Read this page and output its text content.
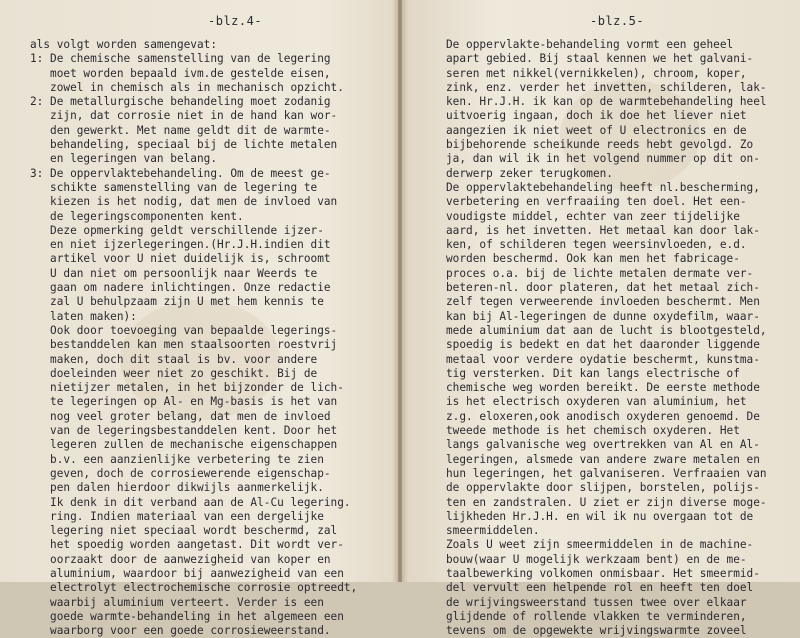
-blz.4-
als volgt worden samengevat:
1: De chemische samenstelling van de legering
moet worden bepaald ivm.de gestelde eisen,
zowel in chemisch als in mechanisch opzicht.
2: De metallurgische behandeling moet zodanig
zijn, dat corrosie niet in de hand kan wor-
den gewerkt. Met name geldt dit de warmte-
behandeling, speciaal bij de lichte metalen
en legeringen van belang.
3: De oppervlaktebehandeling. Om de meest ge-
schikte samenstelling van de legering te
kiezen is het nodig, dat men de invloed van
de legeringscomponenten kent.
Deze opmerking geldt verschillende ijzer-
en niet ijzerlegeringen.(Hr.J.H.indien dit
artikel voor U niet duidelijk is, schroomt
U dan niet om persoonlijk naar Weerds te
gaan om nadere inlichtingen. Onze redactie
zal U behulpzaam zijn U met hem kennis te
laten maken):
Ook door toevoeging van bepaalde legerings-
bestanddelen kan men staalsoorten roestvrij
maken, doch dit staal is bv. voor andere
doeleinden weer niet zo geschikt. Bij de
nietijzer metalen, in het bijzonder de lich-
te legeringen op Al- en Mg-basis is het van
nog veel groter belang, dat men de invloed
van de legeringsbestanddelen kent. Door het
legeren zullen de mechanische eigenschappen
b.v. een aanzienlijke verbetering te zien
geven, doch de corrosiewerende eigenschap-
pen dalen hierdoor dikwijls aanmerkelijk.
Ik denk in dit verband aan de Al-Cu legering.
ring. Indien materiaal van een dergelijke
legering niet speciaal wordt beschermd, zal
het spoedig worden aangetast. Dit wordt ver-
oorzaakt door de aanwezigheid van koper en
aluminium, waardoor bij aanwezigheid van een
electrolyt electrochemische corrosie optreedt,
waarbij aluminium verteert. Verder is een
goede warmte-behandeling in het algemeen een
waarborg voor een goede corrosieweerstand.
-blz.5-
De oppervlakte-behandeling vormt een geheel
apart gebied. Bij staal kennen we het galvani-
seren met nikkel(vernikkelen), chroom, koper,
zink, enz. verder het invetten, schilderen, lak-
ken. Hr.J.H. ik kan op de warmtebehandeling heel
uitvoerig ingaan, doch ik doe het liever niet
aangezien ik niet weet of U electronics en de
bijbehorende scheikunde reeds hebt gevolgd. Zo
ja, dan wil ik in het volgend nummer op dit on-
derwerp zeker terugkomen.
De oppervlaktebehandeling heeft nl.bescherming,
verbetering en verfraaiing ten doel. Het een-
voudigste middel, echter van zeer tijdelijke
aard, is het invetten. Het metaal kan door lak-
ken, of schilderen tegen weersinvloeden, e.d.
worden beschermd. Ook kan men het fabricage-
proces o.a. bij de lichte metalen dermate ver-
beteren-nl. door plateren, dat het metaal zich-
zelf tegen verweerende invloeden beschermt. Men
kan bij Al-legeringen de dunne oxydefilm, waar-
mede aluminium dat aan de lucht is blootgesteld,
spoedig is bedekt en dat het daaronder liggende
metaal voor verdere oydatie beschermt, kunstma-
tig versterken. Dit kan langs electrische of
chemische weg worden bereikt. De eerste methode
is het electrisch oxyderen van aluminium, het
z.g. eloxeren,ook anodisch oxyderen genoemd. De
tweede methode is het chemisch oxyderen. Het
langs galvanische weg overtrekken van Al en Al-
legeringen, alsmede van andere zware metalen en
hun legeringen, het galvaniseren. Verfraaien van
de oppervlakte door slijpen, borstelen, polijs-
ten en zandstralen. U ziet er zijn diverse moge-
lijkheden Hr.J.H. en wil ik nu overgaan tot de
smeermiddelen.
Zoals U weet zijn smeermiddelen in de machine-
bouw(waar U mogelijk werkzaam bent) en de me-
taalbewerking volkomen onmisbaar. Het smeermid-
del vervult een helpende rol en heeft ten doel
de wrijvingsweerstand tussen twee over elkaar
glijdende of rollende vlakken te verminderen,
tevens om de opgewekte wrijvingswarmte zoveel
